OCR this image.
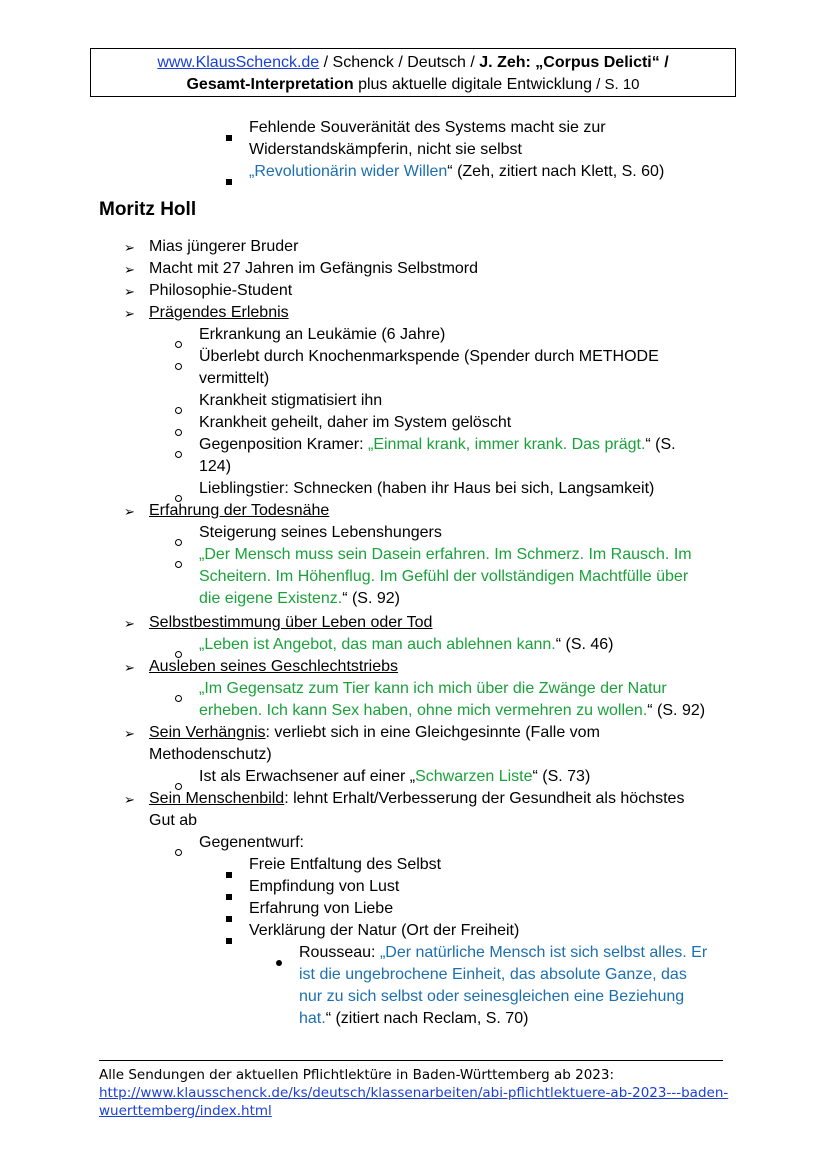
www.KlausSchenck.de / Schenck / Deutsch / J. Zeh: „Corpus Delicti“ /
Gesamt-Interpretation plus aktuelle digitale Entwicklung / S. 10
Fehlende Souveränität des Systems macht sie zur
Widerstandskämpferin, nicht sie selbst
„Revolutionärin wider Willen“ (Zeh, zitiert nach Klett, S. 60)
Moritz Holl
➢ Mias jüngerer Bruder
➢ Macht mit 27 Jahren im Gefängnis Selbstmord
➢ Philosophie-Student
➢ Prägendes Erlebnis
Erkrankung an Leukämie (6 Jahre)
Überlebt durch Knochenmarkspende (Spender durch METHODE
vermittelt)
Krankheit stigmatisiert ihn
Krankheit geheilt, daher im System gelöscht
Gegenposition Kramer: „Einmal krank, immer krank. Das prägt.“ (S.
124)
Lieblingstier: Schnecken (haben ihr Haus bei sich, Langsamkeit)
➢ Erfahrung der Todesnähe
Steigerung seines Lebenshungers
„Der Mensch muss sein Dasein erfahren. Im Schmerz. Im Rausch. Im
Scheitern. Im Höhenflug. Im Gefühl der vollständigen Machtfülle über
die eigene Existenz.“ (S. 92)
➢ Selbstbestimmung über Leben oder Tod
„Leben ist Angebot, das man auch ablehnen kann.“ (S. 46)
➢ Ausleben seines Geschlechtstriebs
„Im Gegensatz zum Tier kann ich mich über die Zwänge der Natur
erheben. Ich kann Sex haben, ohne mich vermehren zu wollen.“ (S. 92)
➢ Sein Verhängnis: verliebt sich in eine Gleichgesinnte (Falle vom
Methodenschutz)
Ist als Erwachsener auf einer „Schwarzen Liste“ (S. 73)
➢ Sein Menschenbild: lehnt Erhalt/Verbesserung der Gesundheit als höchstes
Gut ab
Gegenentwurf:
Freie Entfaltung des Selbst
Empfindung von Lust
Erfahrung von Liebe
Verklärung der Natur (Ort der Freiheit)
Rousseau: „Der natürliche Mensch ist sich selbst alles. Er
ist die ungebrochene Einheit, das absolute Ganze, das
nur zu sich selbst oder seinesgleichen eine Beziehung
hat.“ (zitiert nach Reclam, S. 70)
Alle Sendungen der aktuellen Pflichtlektüre in Baden-Württemberg ab 2023:
http://www.klausschenck.de/ks/deutsch/klassenarbeiten/abi-pflichtlektuere-ab-2023---baden-
wuerttemberg/index.html
